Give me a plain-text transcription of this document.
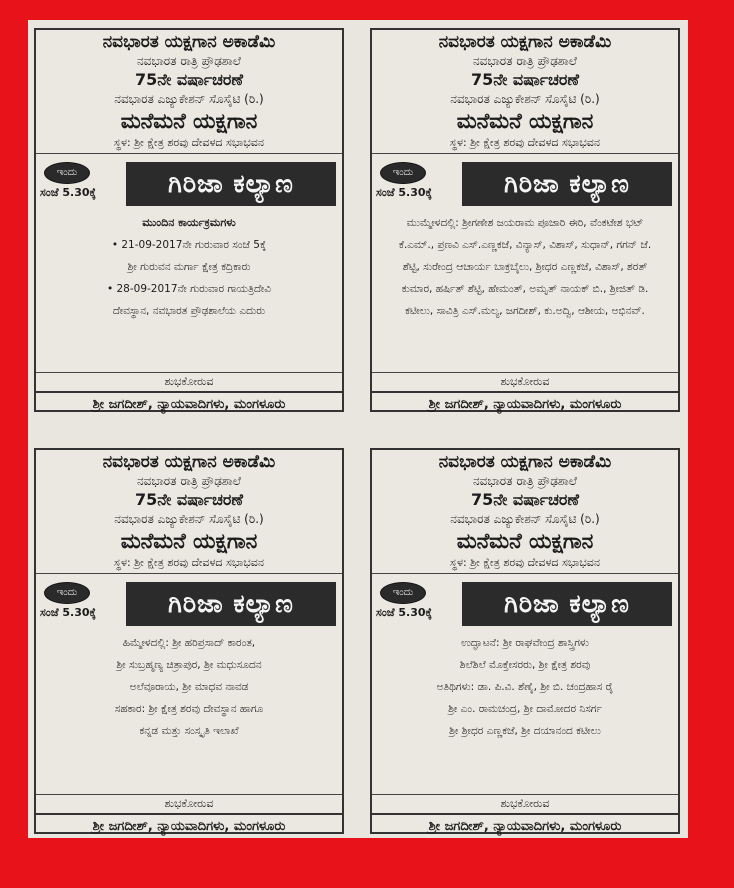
ನವಭಾರತ ಯಕ್ಷಗಾನ ಅಕಾಡೆಮಿ
ನವಭಾರತ ರಾತ್ರಿ ಪ್ರೌಢಶಾಲೆ
75ನೇ ವರ್ಷಾಚರಣೆ
ನವಭಾರತ ಎಜ್ಯುಕೇಶನ್ ಸೊಸೈಟಿ (ರಿ.)
ಮನೆಮನೆ ಯಕ್ಷಗಾನ
ಸ್ಥಳ: ಶ್ರೀ ಕ್ಷೇತ್ರ ಶರವು ದೇವಳದ ಸಭಾಭವನ
ಇಂದು
ಸಂಜೆ 5.30ಕ್ಕೆ	ಗಿರಿಜಾ ಕಲ್ಯಾಣ
ಮುಂದಿನ ಕಾರ್ಯಕ್ರಮಗಳು
• 21-09-2017ನೇ ಗುರುವಾರ ಸಂಜೆ 5ಕ್ಕೆ
ಶ್ರೀ ಗುರುವನ ಮರ್ಗಾ ಕ್ಷೇತ್ರ ಕದ್ರಿಕಾರು
• 28-09-2017ನೇ ಗುರುವಾರ ಗಾಯತ್ರಿದೇವಿ
ದೇವಸ್ಥಾನ, ನವಭಾರತ ಪ್ರೌಢಶಾಲೆಯ ಎದುರು
ಶುಭಕೋರುವ
ಶ್ರೀ ಜಗದೀಶ್, ನ್ಯಾಯವಾದಿಗಳು, ಮಂಗಳೂರು
ನವಭಾರತ ಯಕ್ಷಗಾನ ಅಕಾಡೆಮಿ
ನವಭಾರತ ರಾತ್ರಿ ಪ್ರೌಢಶಾಲೆ
75ನೇ ವರ್ಷಾಚರಣೆ
ನವಭಾರತ ಎಜ್ಯುಕೇಶನ್ ಸೊಸೈಟಿ (ರಿ.)
ಮನೆಮನೆ ಯಕ್ಷಗಾನ
ಸ್ಥಳ: ಶ್ರೀ ಕ್ಷೇತ್ರ ಶರವು ದೇವಳದ ಸಭಾಭವನ
ಇಂದು
ಸಂಜೆ 5.30ಕ್ಕೆ	ಗಿರಿಜಾ ಕಲ್ಯಾಣ
ಮುಮ್ಮೇಳದಲ್ಲಿ: ಶ್ರೀಗಣೇಶ ಜಯರಾಮ ಪೂಜಾರಿ ಈರಿ, ವೆಂಕಟೇಶ ಭಟ್
ಕೆ.ಎಮ್., ಪ್ರಣವಿ ಎಸ್.ಎಣ್ಣಕಜೆ, ವಿನ್ಯಾಸ್, ವಿಶಾಸ್, ಸುಧಾನ್, ಗಗನ್ ಜೆ.
ಶೆಟ್ಟಿ, ಸುರೇಂದ್ರ ಆಚಾರ್ಯ ಬಾಕ್ರಬೈಲು, ಶ್ರೀಧರ ಎಣ್ಣಕಜೆ, ವಿಶಾಸ್, ಶರತ್
ಕುಮಾರ, ಹರ್ಷಿತ್ ಶೆಟ್ಟಿ, ಹೇಮಂತ್, ಅಮೃತ್ ನಾಯಕ್ ಬಿ., ಶ್ರೀಜಿತ್ ಡಿ.
ಕಟೀಲು, ಸಾವಿತ್ರಿ ಎಸ್.ಮಲ್ಯ, ಜಗದೀಶ್, ಕು.ಅದ್ವಿ, ಆಶೀಯ, ಅಭಿನವ್.
ಶುಭಕೋರುವ
ಶ್ರೀ ಜಗದೀಶ್, ನ್ಯಾಯವಾದಿಗಳು, ಮಂಗಳೂರು
ನವಭಾರತ ಯಕ್ಷಗಾನ ಅಕಾಡೆಮಿ
ನವಭಾರತ ರಾತ್ರಿ ಪ್ರೌಢಶಾಲೆ
75ನೇ ವರ್ಷಾಚರಣೆ
ನವಭಾರತ ಎಜ್ಯುಕೇಶನ್ ಸೊಸೈಟಿ (ರಿ.)
ಮನೆಮನೆ ಯಕ್ಷಗಾನ
ಸ್ಥಳ: ಶ್ರೀ ಕ್ಷೇತ್ರ ಶರವು ದೇವಳದ ಸಭಾಭವನ
ಇಂದು
ಸಂಜೆ 5.30ಕ್ಕೆ	ಗಿರಿಜಾ ಕಲ್ಯಾಣ
ಹಿಮ್ಮೇಳದಲ್ಲಿ: ಶ್ರೀ ಹರಿಪ್ರಸಾದ್ ಕಾರಂತ,
ಶ್ರೀ ಸುಬ್ರಹ್ಮಣ್ಯ ಚಿತ್ರಾಪುರ, ಶ್ರೀ ಮಧುಸೂದನ
ಅಲೆವೂರಾಯ, ಶ್ರೀ ಮಾಧವ ನಾವಡ
ಸಹಕಾರ: ಶ್ರೀ ಕ್ಷೇತ್ರ ಶರವು ದೇವಸ್ಥಾನ ಹಾಗೂ
ಕನ್ನಡ ಮತ್ತು ಸಂಸ್ಕೃತಿ ಇಲಾಖೆ
ಶುಭಕೋರುವ
ಶ್ರೀ ಜಗದೀಶ್, ನ್ಯಾಯವಾದಿಗಳು, ಮಂಗಳೂರು
ನವಭಾರತ ಯಕ್ಷಗಾನ ಅಕಾಡೆಮಿ
ನವಭಾರತ ರಾತ್ರಿ ಪ್ರೌಢಶಾಲೆ
75ನೇ ವರ್ಷಾಚರಣೆ
ನವಭಾರತ ಎಜ್ಯುಕೇಶನ್ ಸೊಸೈಟಿ (ರಿ.)
ಮನೆಮನೆ ಯಕ್ಷಗಾನ
ಸ್ಥಳ: ಶ್ರೀ ಕ್ಷೇತ್ರ ಶರವು ದೇವಳದ ಸಭಾಭವನ
ಇಂದು
ಸಂಜೆ 5.30ಕ್ಕೆ	ಗಿರಿಜಾ ಕಲ್ಯಾಣ
ಉದ್ಘಾಟನೆ: ಶ್ರೀ ರಾಘವೇಂದ್ರ ಶಾಸ್ತ್ರಿಗಳು
ಶಿಲೆಶಿಲೆ ಮೊಕ್ತೇಸರರು, ಶ್ರೀ ಕ್ಷೇತ್ರ ಶರವು
ಅತಿಥಿಗಳು: ಡಾ. ಪಿ.ವಿ. ಶೆಣೈ, ಶ್ರೀ ಬಿ. ಚಂದ್ರಹಾಸ ರೈ
ಶ್ರೀ ಎಂ. ರಾಮಚಂದ್ರ, ಶ್ರೀ ದಾಮೋದರ ನಿಸರ್ಗ
ಶ್ರೀ ಶ್ರೀಧರ ಎಣ್ಣಕಜೆ, ಶ್ರೀ ದಯಾನಂದ ಕಟೀಲು
ಶುಭಕೋರುವ
ಶ್ರೀ ಜಗದೀಶ್, ನ್ಯಾಯವಾದಿಗಳು, ಮಂಗಳೂರು
